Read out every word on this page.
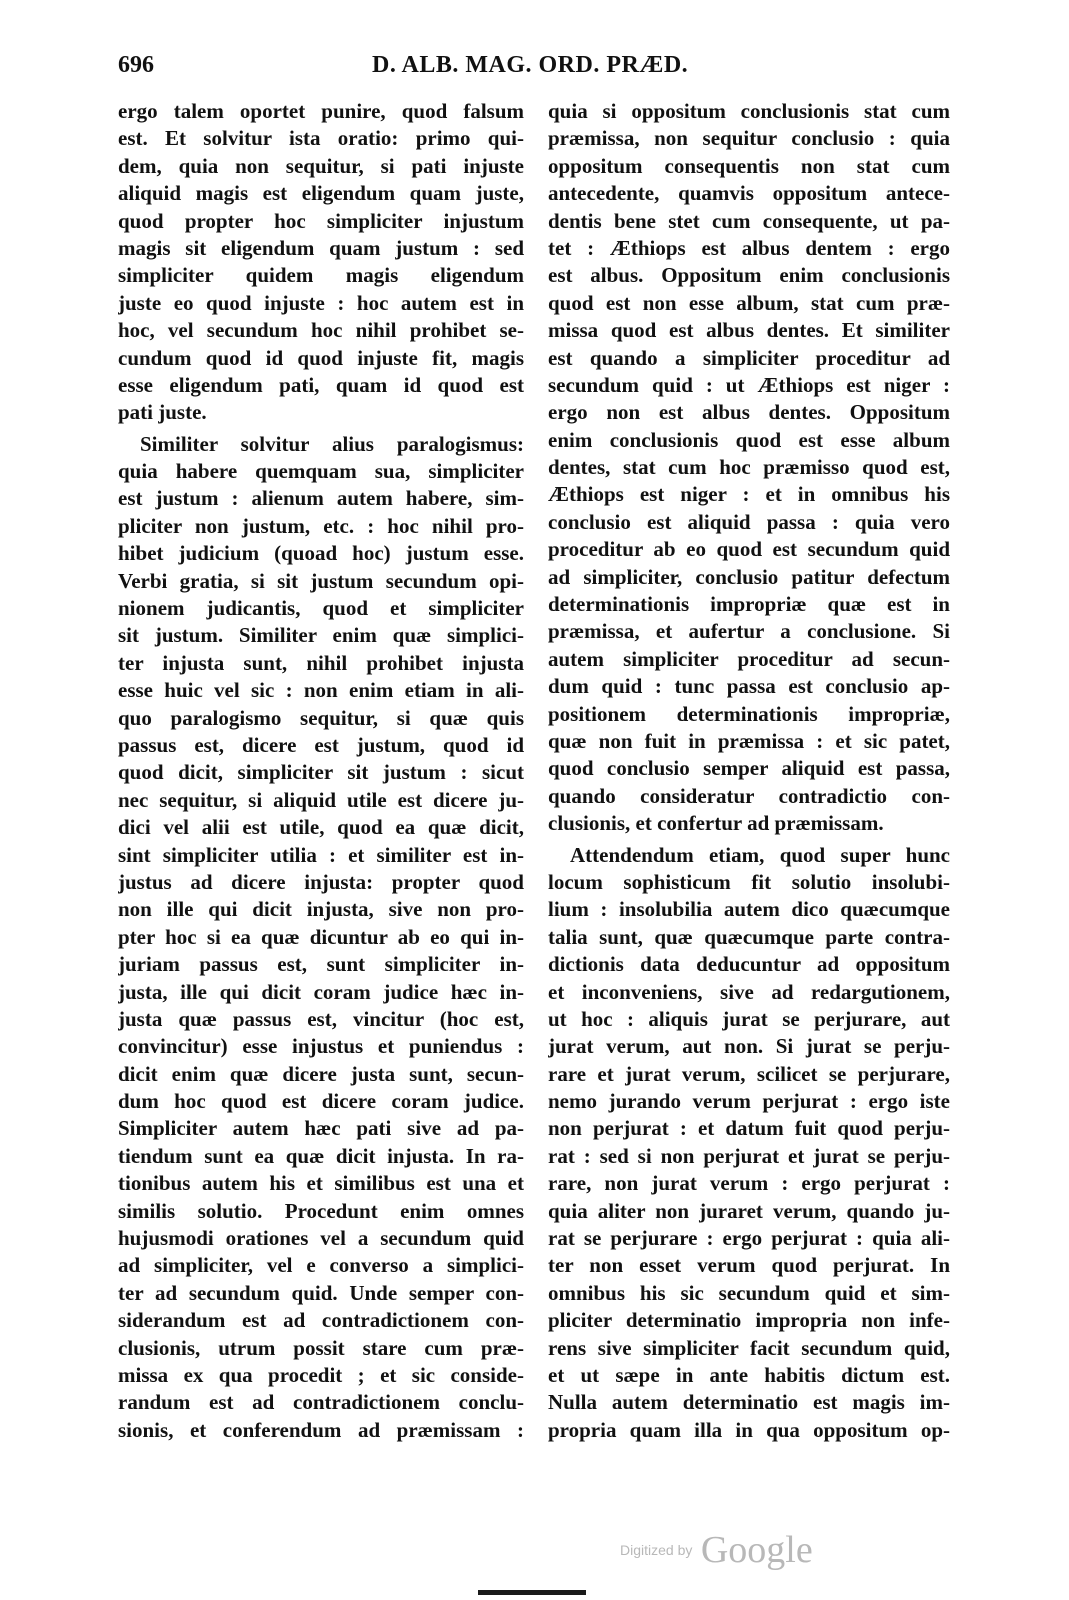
696	D. ALB. MAG. ORD. PRÆD.
ergo talem oportet punire, quod falsum
est. Et solvitur ista oratio: primo qui-
dem, quia non sequitur, si pati injuste
aliquid magis est eligendum quam juste,
quod propter hoc simpliciter injustum
magis sit eligendum quam justum : sed
simpliciter quidem magis eligendum
juste eo quod injuste : hoc autem est in
hoc, vel secundum hoc nihil prohibet se-
cundum quod id quod injuste fit, magis
esse eligendum pati, quam id quod est
pati juste.
Similiter solvitur alius paralogismus:
quia habere quemquam sua, simpliciter
est justum : alienum autem habere, sim-
pliciter non justum, etc. : hoc nihil pro-
hibet judicium (quoad hoc) justum esse.
Verbi gratia, si sit justum secundum opi-
nionem judicantis, quod et simpliciter
sit justum. Similiter enim quæ simplici-
ter injusta sunt, nihil prohibet injusta
esse huic vel sic : non enim etiam in ali-
quo paralogismo sequitur, si quæ quis
passus est, dicere est justum, quod id
quod dicit, simpliciter sit justum : sicut
nec sequitur, si aliquid utile est dicere ju-
dici vel alii est utile, quod ea quæ dicit,
sint simpliciter utilia : et similiter est in-
justus ad dicere injusta: propter quod
non ille qui dicit injusta, sive non pro-
pter hoc si ea quæ dicuntur ab eo qui in-
juriam passus est, sunt simpliciter in-
justa, ille qui dicit coram judice hæc in-
justa quæ passus est, vincitur (hoc est,
convincitur) esse injustus et puniendus :
dicit enim quæ dicere justa sunt, secun-
dum hoc quod est dicere coram judice.
Simpliciter autem hæc pati sive ad pa-
tiendum sunt ea quæ dicit injusta. In ra-
tionibus autem his et similibus est una et
similis solutio. Procedunt enim omnes
hujusmodi orationes vel a secundum quid
ad simpliciter, vel e converso a simplici-
ter ad secundum quid. Unde semper con-
siderandum est ad contradictionem con-
clusionis, utrum possit stare cum præ-
missa ex qua procedit ; et sic conside-
randum est ad contradictionem conclu-
sionis, et conferendum ad præmissam :
quia si oppositum conclusionis stat cum
præmissa, non sequitur conclusio : quia
oppositum consequentis non stat cum
antecedente, quamvis oppositum antece-
dentis bene stet cum consequente, ut pa-
tet : Æthiops est albus dentem : ergo
est albus. Oppositum enim conclusionis
quod est non esse album, stat cum præ-
missa quod est albus dentes. Et similiter
est quando a simpliciter proceditur ad
secundum quid : ut Æthiops est niger :
ergo non est albus dentes. Oppositum
enim conclusionis quod est esse album
dentes, stat cum hoc præmisso quod est,
Æthiops est niger : et in omnibus his
conclusio est aliquid passa : quia vero
proceditur ab eo quod est secundum quid
ad simpliciter, conclusio patitur defectum
determinationis impropriæ quæ est in
præmissa, et aufertur a conclusione. Si
autem simpliciter proceditur ad secun-
dum quid : tunc passa est conclusio ap-
positionem determinationis impropriæ,
quæ non fuit in præmissa : et sic patet,
quod conclusio semper aliquid est passa,
quando consideratur contradictio con-
clusionis, et confertur ad præmissam.
Attendendum etiam, quod super hunc
locum sophisticum fit solutio insolubi-
lium : insolubilia autem dico quæcumque
talia sunt, quæ quæcumque parte contra-
dictionis data deducuntur ad oppositum
et inconveniens, sive ad redargutionem,
ut hoc : aliquis jurat se perjurare, aut
jurat verum, aut non. Si jurat se perju-
rare et jurat verum, scilicet se perjurare,
nemo jurando verum perjurat : ergo iste
non perjurat : et datum fuit quod perju-
rat : sed si non perjurat et jurat se perju-
rare, non jurat verum : ergo perjurat :
quia aliter non juraret verum, quando ju-
rat se perjurare : ergo perjurat : quia ali-
ter non esset verum quod perjurat. In
omnibus his sic secundum quid et sim-
pliciter determinatio impropria non infe-
rens sive simpliciter facit secundum quid,
et ut sæpe in ante habitis dictum est.
Nulla autem determinatio est magis im-
propria quam illa in qua oppositum op-
Digitized by Google
